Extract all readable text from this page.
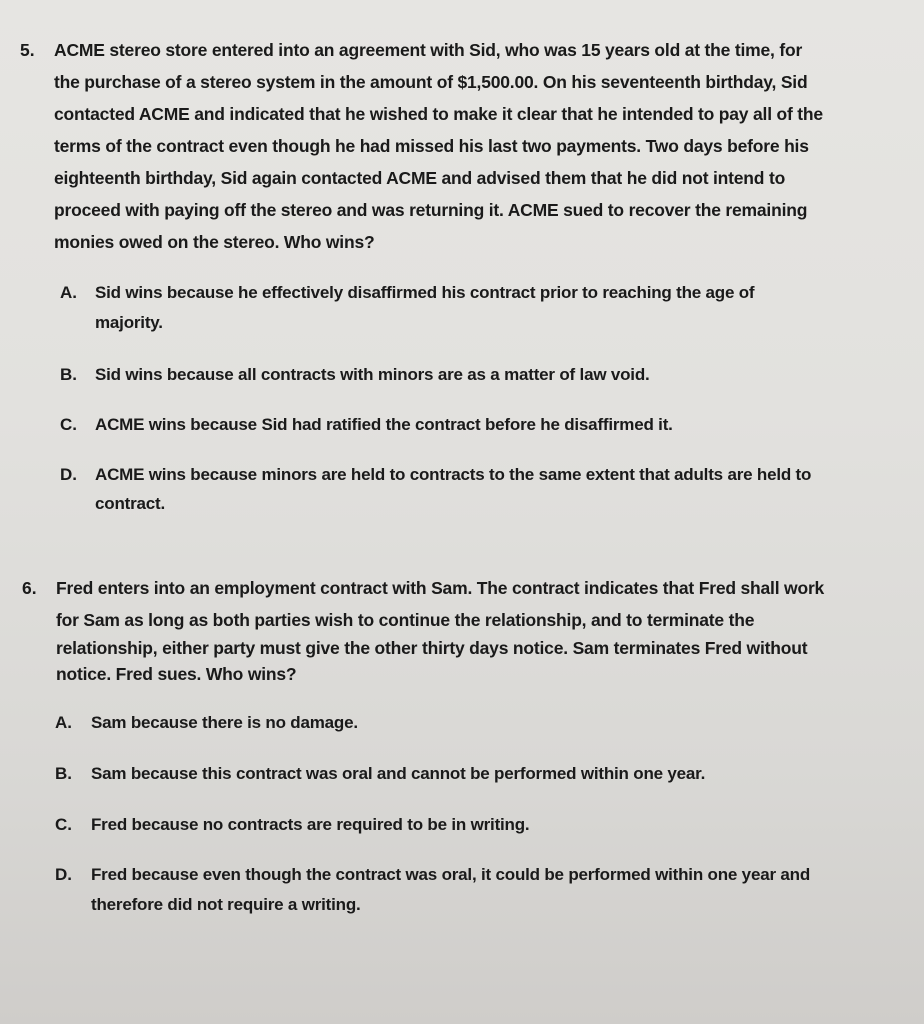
5. ACME stereo store entered into an agreement with Sid, who was 15 years old at the time, for
the purchase of a stereo system in the amount of $1,500.00. On his seventeenth birthday, Sid
contacted ACME and indicated that he wished to make it clear that he intended to pay all of the
terms of the contract even though he had missed his last two payments. Two days before his
eighteenth birthday, Sid again contacted ACME and advised them that he did not intend to
proceed with paying off the stereo and was returning it. ACME sued to recover the remaining
monies owed on the stereo. Who wins?
A. Sid wins because he effectively disaffirmed his contract prior to reaching the age of
majority.
B. Sid wins because all contracts with minors are as a matter of law void.
C. ACME wins because Sid had ratified the contract before he disaffirmed it.
D. ACME wins because minors are held to contracts to the same extent that adults are held to
contract.
6. Fred enters into an employment contract with Sam. The contract indicates that Fred shall work
for Sam as long as both parties wish to continue the relationship, and to terminate the
relationship, either party must give the other thirty days notice. Sam terminates Fred without
notice. Fred sues. Who wins?
A. Sam because there is no damage.
B. Sam because this contract was oral and cannot be performed within one year.
C. Fred because no contracts are required to be in writing.
D. Fred because even though the contract was oral, it could be performed within one year and
therefore did not require a writing.
